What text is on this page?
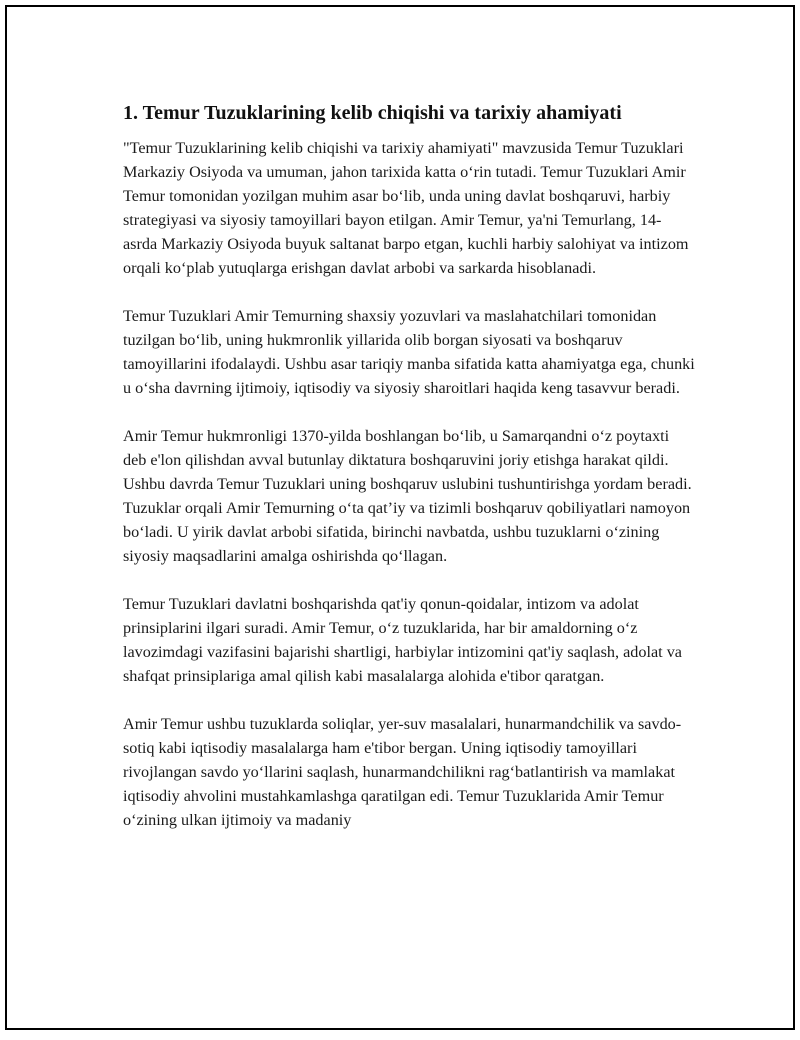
1. Temur Tuzuklarining kelib chiqishi va tarixiy ahamiyati

"Temur Tuzuklarining kelib chiqishi va tarixiy ahamiyati" mavzusida Temur Tuzuklari Markaziy Osiyoda va umuman, jahon tarixida katta o‘rin tutadi. Temur Tuzuklari Amir Temur tomonidan yozilgan muhim asar bo‘lib, unda uning davlat boshqaruvi, harbiy strategiyasi va siyosiy tamoyillari bayon etilgan. Amir Temur, ya'ni Temurlang, 14-asrda Markaziy Osiyoda buyuk saltanat barpo etgan, kuchli harbiy salohiyat va intizom orqali ko‘plab yutuqlarga erishgan davlat arbobi va sarkarda hisoblanadi.

Temur Tuzuklari Amir Temurning shaxsiy yozuvlari va maslahatchilari tomonidan tuzilgan bo‘lib, uning hukmronlik yillarida olib borgan siyosati va boshqaruv tamoyillarini ifodalaydi. Ushbu asar tariqiy manba sifatida katta ahamiyatga ega, chunki u o‘sha davrning ijtimoiy, iqtisodiy va siyosiy sharoitlari haqida keng tasavvur beradi.

Amir Temur hukmronligi 1370-yilda boshlangan bo‘lib, u Samarqandni o‘z poytaxti deb e'lon qilishdan avval butunlay diktatura boshqaruvini joriy etishga harakat qildi. Ushbu davrda Temur Tuzuklari uning boshqaruv uslubini tushuntirishga yordam beradi. Tuzuklar orqali Amir Temurning o‘ta qat’iy va tizimli boshqaruv qobiliyatlari namoyon bo‘ladi. U yirik davlat arbobi sifatida, birinchi navbatda, ushbu tuzuklarni o‘zining siyosiy maqsadlarini amalga oshirishda qo‘llagan.

Temur Tuzuklari davlatni boshqarishda qat'iy qonun-qoidalar, intizom va adolat prinsiplarini ilgari suradi. Amir Temur, o‘z tuzuklarida, har bir amaldorning o‘z lavozimdagi vazifasini bajarishi shartligi, harbiylar intizomini qat'iy saqlash, adolat va shafqat prinsiplariga amal qilish kabi masalalarga alohida e'tibor qaratgan.

Amir Temur ushbu tuzuklarda soliqlar, yer-suv masalalari, hunarmandchilik va savdo-sotiq kabi iqtisodiy masalalarga ham e'tibor bergan. Uning iqtisodiy tamoyillari rivojlangan savdo yo‘llarini saqlash, hunarmandchilikni rag‘batlantirish va mamlakat iqtisodiy ahvolini mustahkamlashga qaratilgan edi. Temur Tuzuklarida Amir Temur o‘zining ulkan ijtimoiy va madaniy
